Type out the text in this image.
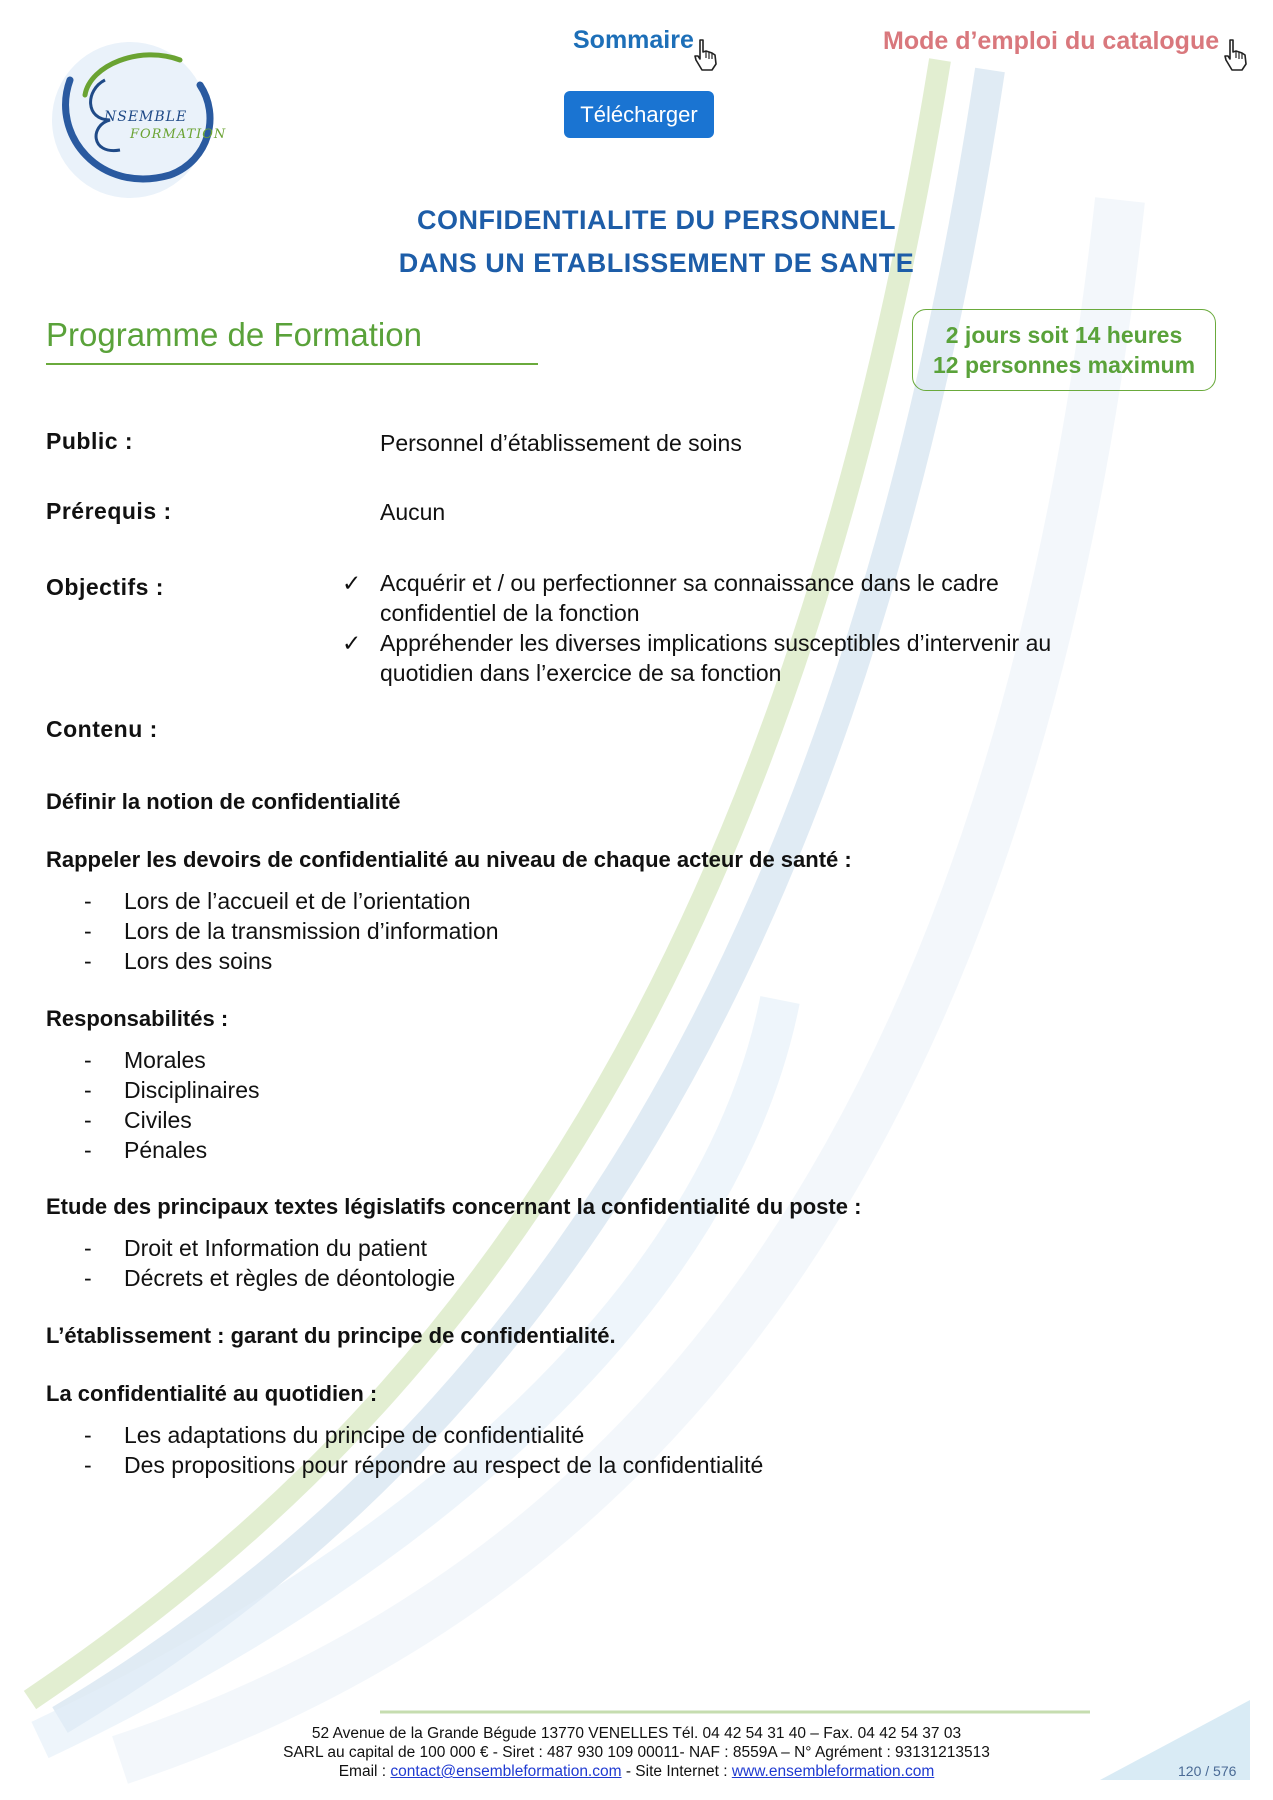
NSEMBLE
FORMATION
Sommaire	Mode d’emploi du catalogue
Télécharger
CONFIDENTIALITE DU PERSONNEL
DANS UN ETABLISSEMENT DE SANTE
Programme de Formation	2 jours soit 14 heures
12 personnes maximum
Public :	Personnel d’établissement de soins
Prérequis :	Aucun
Objectifs :	✓ Acquérir et / ou perfectionner sa connaissance dans le cadre
confidentiel de la fonction
✓ Appréhender les diverses implications susceptibles d’intervenir au
quotidien dans l’exercice de sa fonction
Contenu :
Définir la notion de confidentialité
Rappeler les devoirs de confidentialité au niveau de chaque acteur de santé :
- Lors de l’accueil et de l’orientation
- Lors de la transmission d’information
- Lors des soins
Responsabilités :
- Morales
- Disciplinaires
- Civiles
- Pénales
Etude des principaux textes législatifs concernant la confidentialité du poste :
- Droit et Information du patient
- Décrets et règles de déontologie
L’établissement : garant du principe de confidentialité.
La confidentialité au quotidien :
- Les adaptations du principe de confidentialité
- Des propositions pour répondre au respect de la confidentialité
52 Avenue de la Grande Bégude 13770 VENELLES Tél. 04 42 54 31 40 – Fax. 04 42 54 37 03
SARL au capital de 100 000 € - Siret : 487 930 109 00011- NAF : 8559A – N° Agrément : 93131213513
Email : contact@ensembleformation.com - Site Internet : www.ensembleformation.com	120 / 576
